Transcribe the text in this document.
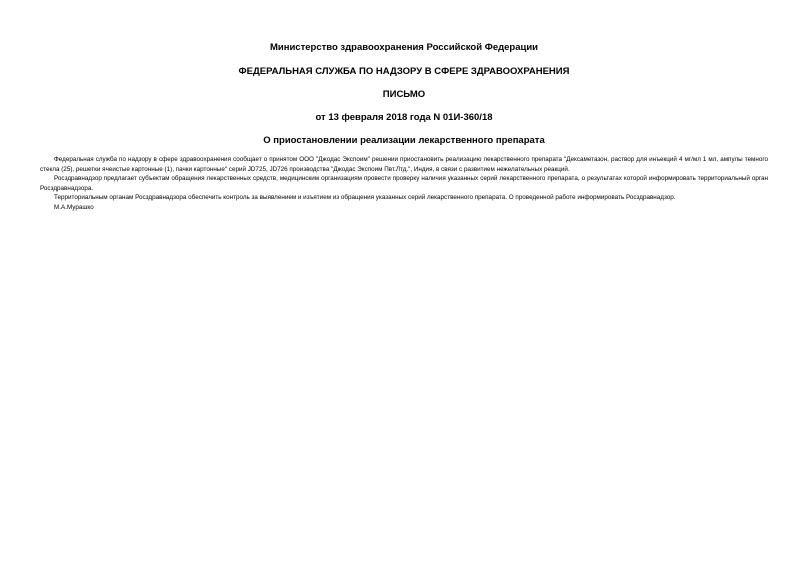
Министерство здравоохранения Российской Федерации

ФЕДЕРАЛЬНАЯ СЛУЖБА ПО НАДЗОРУ В СФЕРЕ ЗДРАВООХРАНЕНИЯ

ПИСЬМО

от 13 февраля 2018 года N 01И-360/18

О приостановлении реализации лекарственного препарата

Федеральная служба по надзору в сфере здравоохранения сообщает о принятом ООО "Джодас Экспоим" решении приостановить реализацию лекарственного препарата "Дексаметазон, раствор для инъекций 4 мг/мл 1 мл, ампулы темного стекла (25), решетки ячеистые картонные (1), пачки картонные" серий JD725, JD726 производства "Джодас Экспоим Пвт.Лтд.", Индия, в связи с развитием нежелательных реакций.

Росздравнадзор предлагает субъектам обращения лекарственных средств, медицинским организациям провести проверку наличия указанных серий лекарственного препарата, о результатах которой информировать территориальный орган Росздравнадзора.

Территориальным органам Росздравнадзора обеспечить контроль за выявлением и изъятием из обращения указанных серий лекарственного препарата. О проведенной работе информировать Росздравнадзор.

М.А.Мурашко
